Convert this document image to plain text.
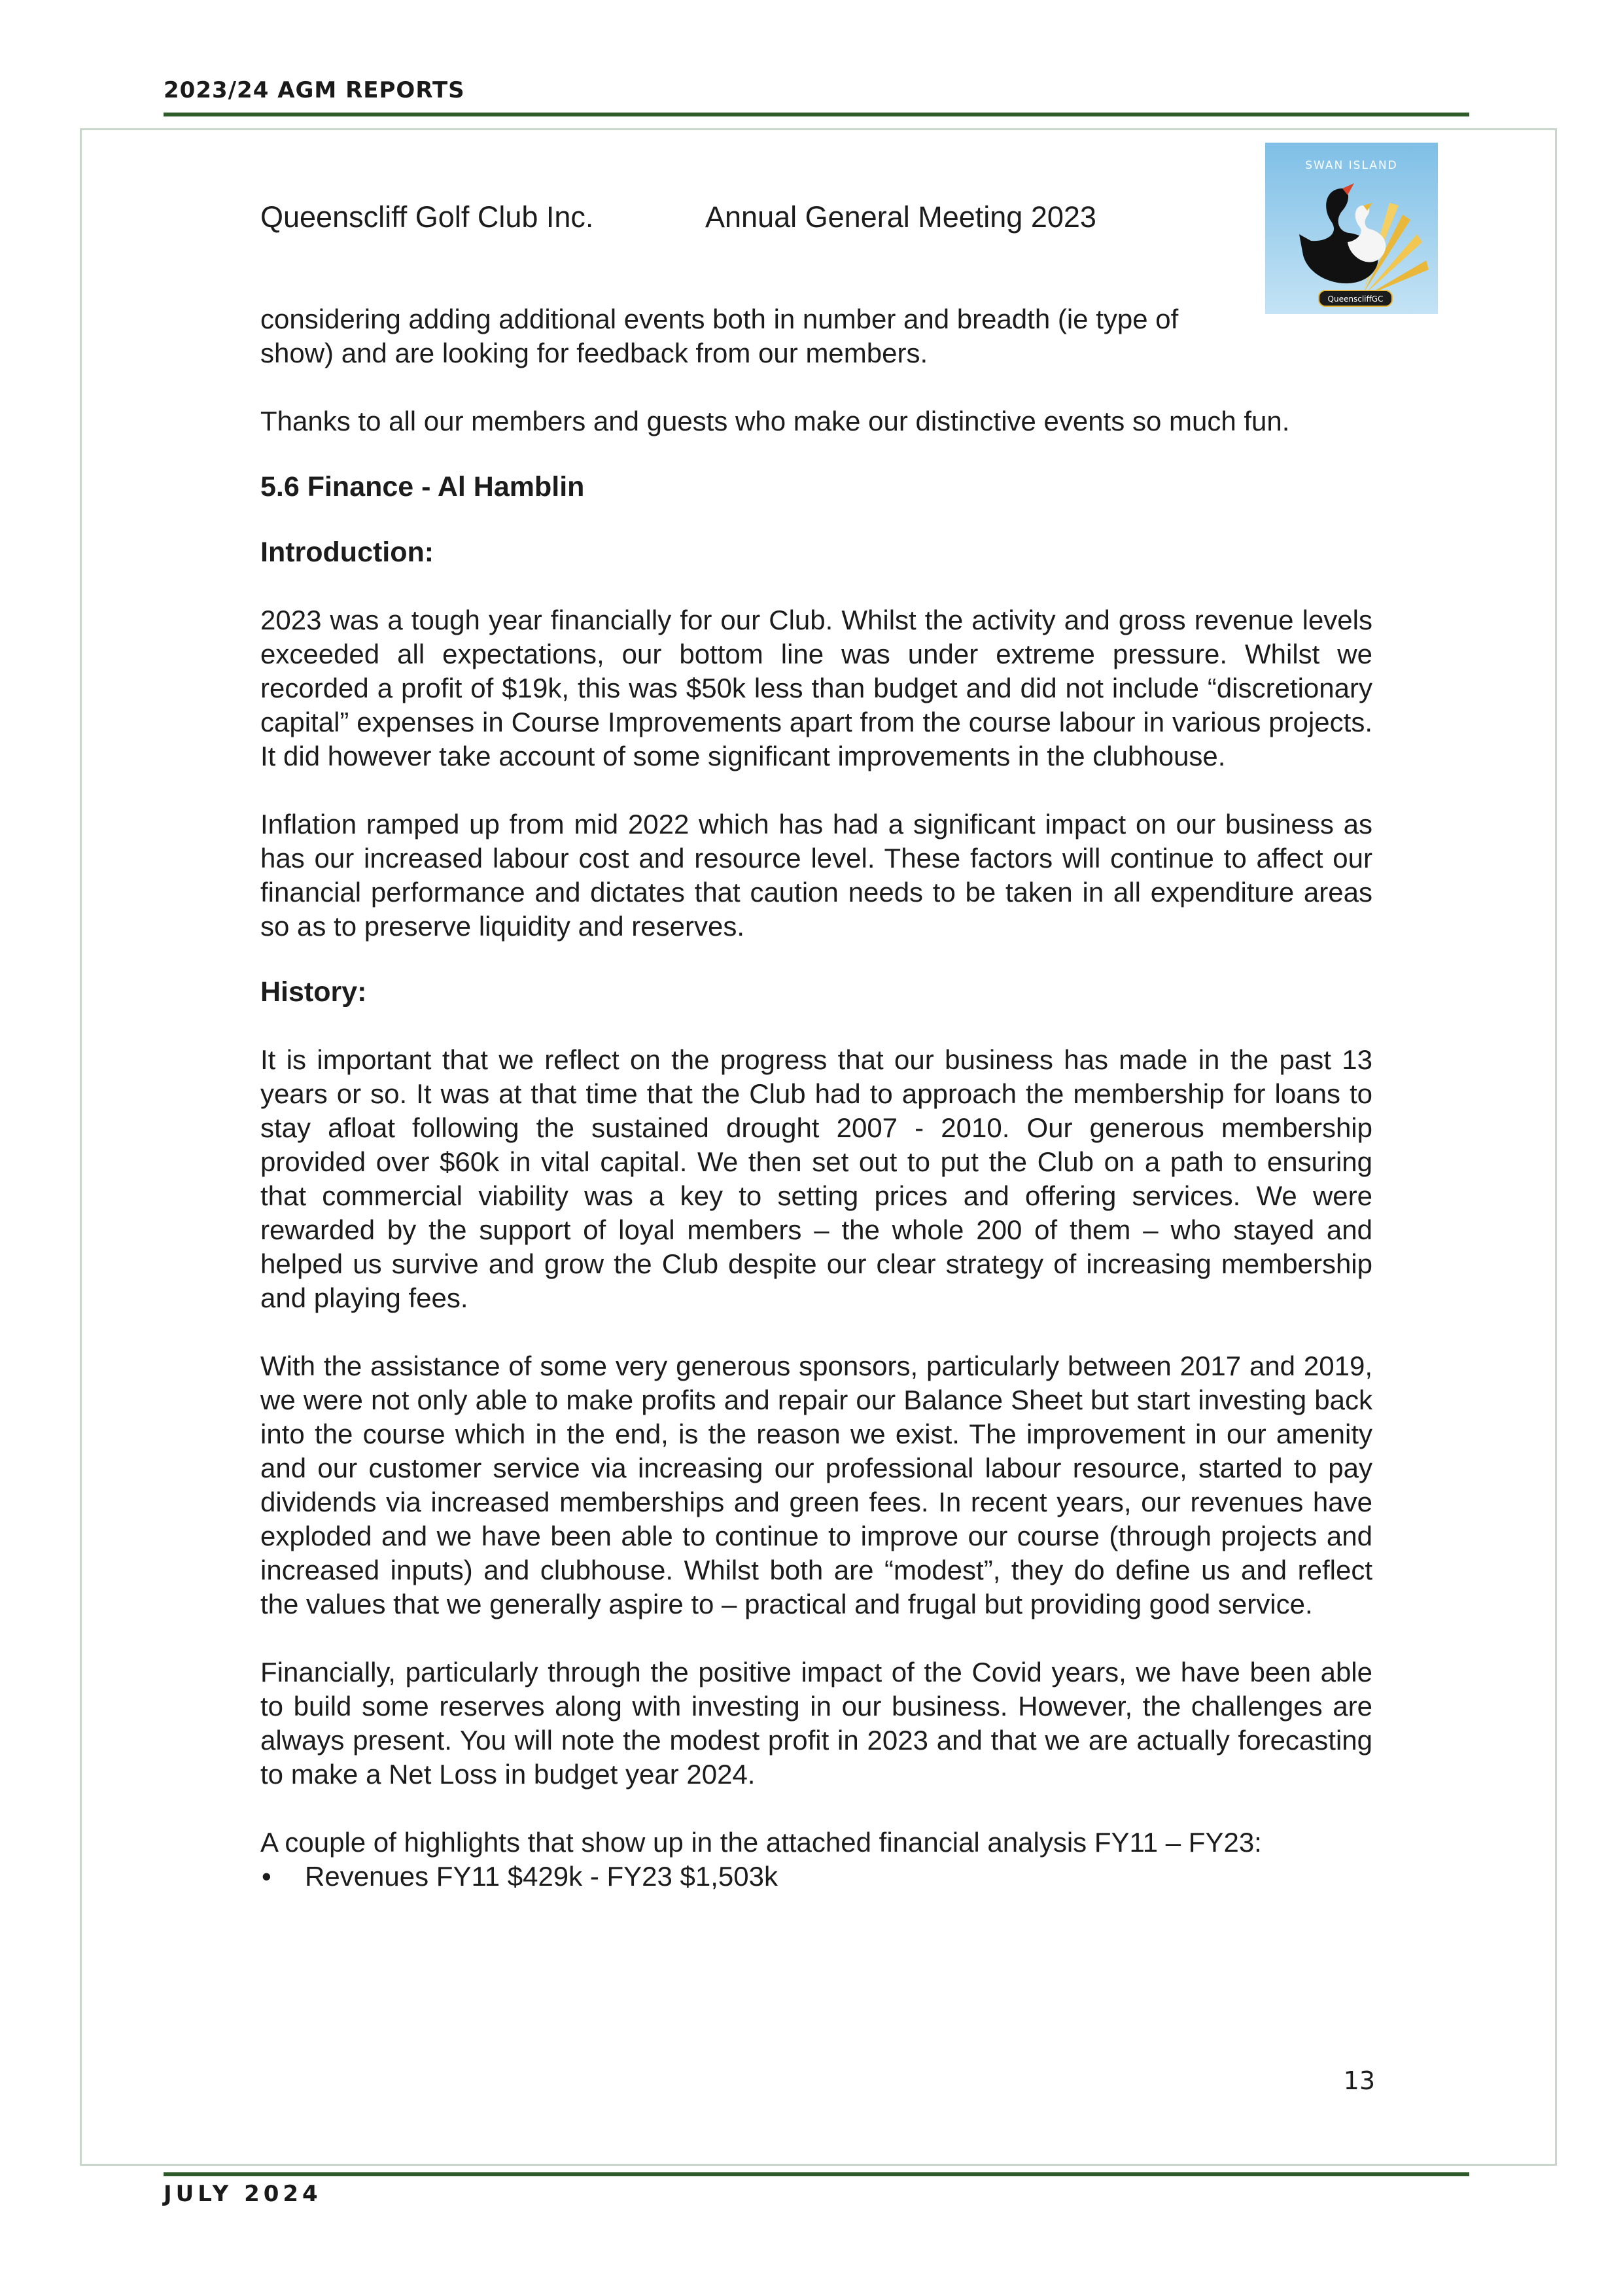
2023/24 AGM REPORTS
SWAN ISLAND
QueenscliffGC
Queenscliff Golf Club Inc.	Annual General Meeting 2023

considering adding additional events both in number and breadth (ie type of show) and are looking for feedback from our members.

Thanks to all our members and guests who make our distinctive events so much fun.

5.6 Finance - Al Hamblin
Introduction:

2023 was a tough year financially for our Club. Whilst the activity and gross revenue levels exceeded all expectations, our bottom line was under extreme pressure. Whilst we recorded a profit of $19k, this was $50k less than budget and did not include “discretionary capital” expenses in Course Improvements apart from the course labour in various projects. It did however take account of some significant improvements in the clubhouse.

Inflation ramped up from mid 2022 which has had a significant impact on our business as has our increased labour cost and resource level. These factors will continue to affect our financial performance and dictates that caution needs to be taken in all expenditure areas so as to preserve liquidity and reserves.

History:

It is important that we reflect on the progress that our business has made in the past 13 years or so. It was at that time that the Club had to approach the membership for loans to stay afloat following the sustained drought 2007 - 2010. Our generous membership provided over $60k in vital capital. We then set out to put the Club on a path to ensuring that commercial viability was a key to setting prices and offering services. We were rewarded by the support of loyal members – the whole 200 of them – who stayed and helped us survive and grow the Club despite our clear strategy of increasing membership and playing fees.

With the assistance of some very generous sponsors, particularly between 2017 and 2019, we were not only able to make profits and repair our Balance Sheet but start investing back into the course which in the end, is the reason we exist. The improvement in our amenity and our customer service via increasing our professional labour resource, started to pay dividends via increased memberships and green fees. In recent years, our revenues have exploded and we have been able to continue to improve our course (through projects and increased inputs) and clubhouse. Whilst both are “modest”, they do define us and reflect the values that we generally aspire to – practical and frugal but providing good service.

Financially, particularly through the positive impact of the Covid years, we have been able to build some reserves along with investing in our business. However, the challenges are always present. You will note the modest profit in 2023 and that we are actually forecasting to make a Net Loss in budget year 2024.

A couple of highlights that show up in the attached financial analysis FY11 – FY23:

• Revenues FY11 $429k - FY23 $1,503k
13
JULY 2024
